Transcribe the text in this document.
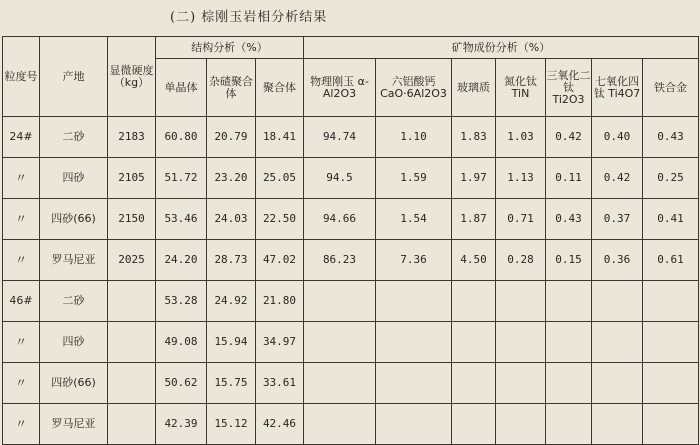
(二) 棕刚玉岩相分析结果
粒度号	产地	显微硬度（kg）	结构分析（%）			矿物成份分析（%）						
			单晶体	杂碴聚合体	聚合体	物理刚玉 α-Al2O3	六铝酸钙 CaO·6Al2O3	玻璃质	氮化钛 TiN	三氧化二钛 Ti2O3	七氧化四钛 Ti4O7	铁合金
24#	二砂	2183	60.80	20.79	18.41	94.74	1.10	1.83	1.03	0.42	0.40	0.43
〃	四砂	2105	51.72	23.20	25.05	94.5	1.59	1.97	1.13	0.11	0.42	0.25
〃	四砂(66)	2150	53.46	24.03	22.50	94.66	1.54	1.87	0.71	0.43	0.37	0.41
〃	罗马尼亚	2025	24.20	28.73	47.02	86.23	7.36	4.50	0.28	0.15	0.36	0.61
46#	二砂		53.28	24.92	21.80							
〃	四砂		49.08	15.94	34.97							
〃	四砂(66)		50.62	15.75	33.61							
〃	罗马尼亚		42.39	15.12	42.46							
